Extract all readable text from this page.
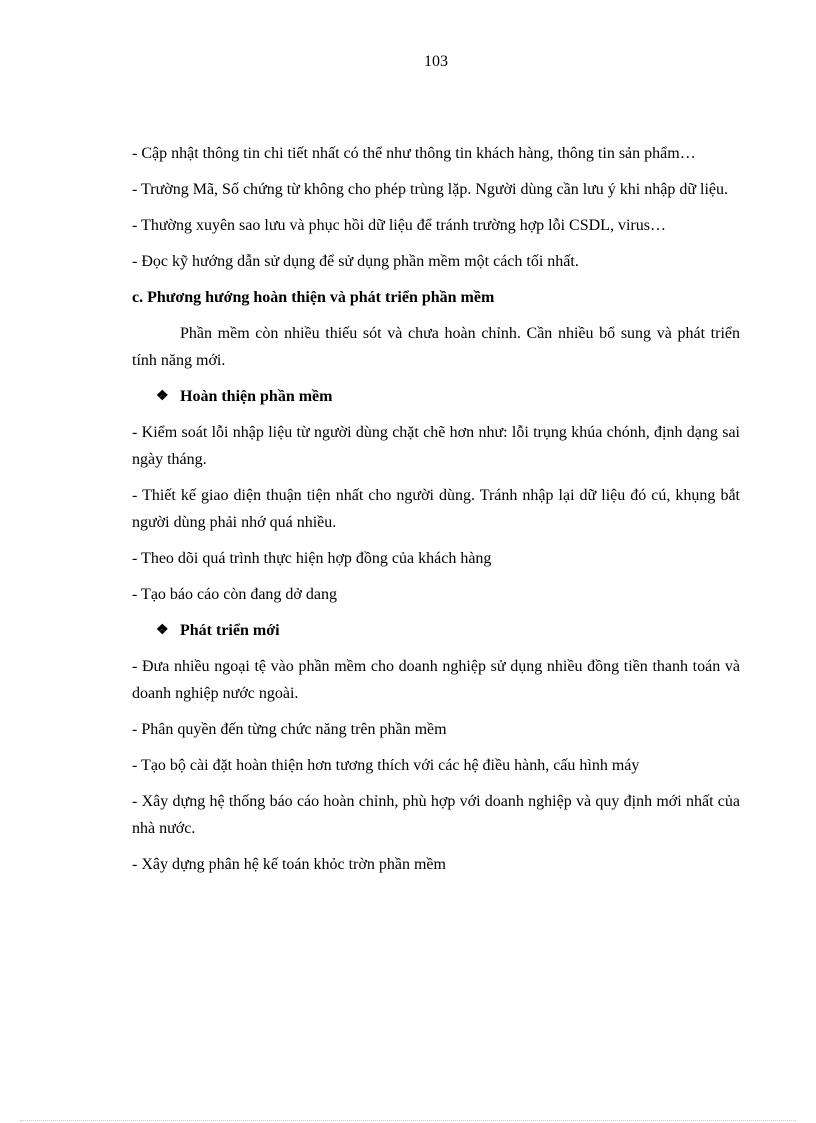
103

- Cập nhật thông tin chi tiết nhất có thể như thông tin khách hàng, thông tin sản phẩm…

- Trường Mã, Số chứng từ không cho phép trùng lặp. Người dùng cần lưu ý khi nhập dữ liệu.

- Thường xuyên sao lưu và phục hồi dữ liệu để tránh trường hợp lỗi CSDL, virus…

- Đọc kỹ hướng dẫn sử dụng để sử dụng phần mềm một cách tối nhất.

c. Phương hướng hoàn thiện và phát triển phần mềm

Phần mềm còn nhiều thiếu sót và chưa hoàn chỉnh. Cần nhiều bổ sung và phát triển tính năng mới.

❖ Hoàn thiện phần mềm

- Kiểm soát lỗi nhập liệu từ người dùng chặt chẽ hơn như: lỗi trụng khúa chónh, định dạng sai ngày tháng.

- Thiết kế giao diện thuận tiện nhất cho người dùng. Tránh nhập lại dữ liệu đó cú, khụng bắt người dùng phải nhớ quá nhiều.

- Theo dõi quá trình thực hiện hợp đồng của khách hàng

- Tạo báo cáo còn đang dở dang

❖ Phát triển mới

- Đưa nhiều ngoại tệ vào phần mềm cho doanh nghiệp sử dụng nhiều đồng tiền thanh toán và doanh nghiệp nước ngoài.

- Phân quyền đến từng chức năng trên phần mềm

- Tạo bộ cài đặt hoàn thiện hơn tương thích với các hệ điều hành, cấu hình máy

- Xây dựng hệ thống báo cáo hoàn chỉnh, phù hợp với doanh nghiệp và quy định mới nhất của nhà nước.

- Xây dựng phân hệ kế toán khỏc trờn phần mềm
